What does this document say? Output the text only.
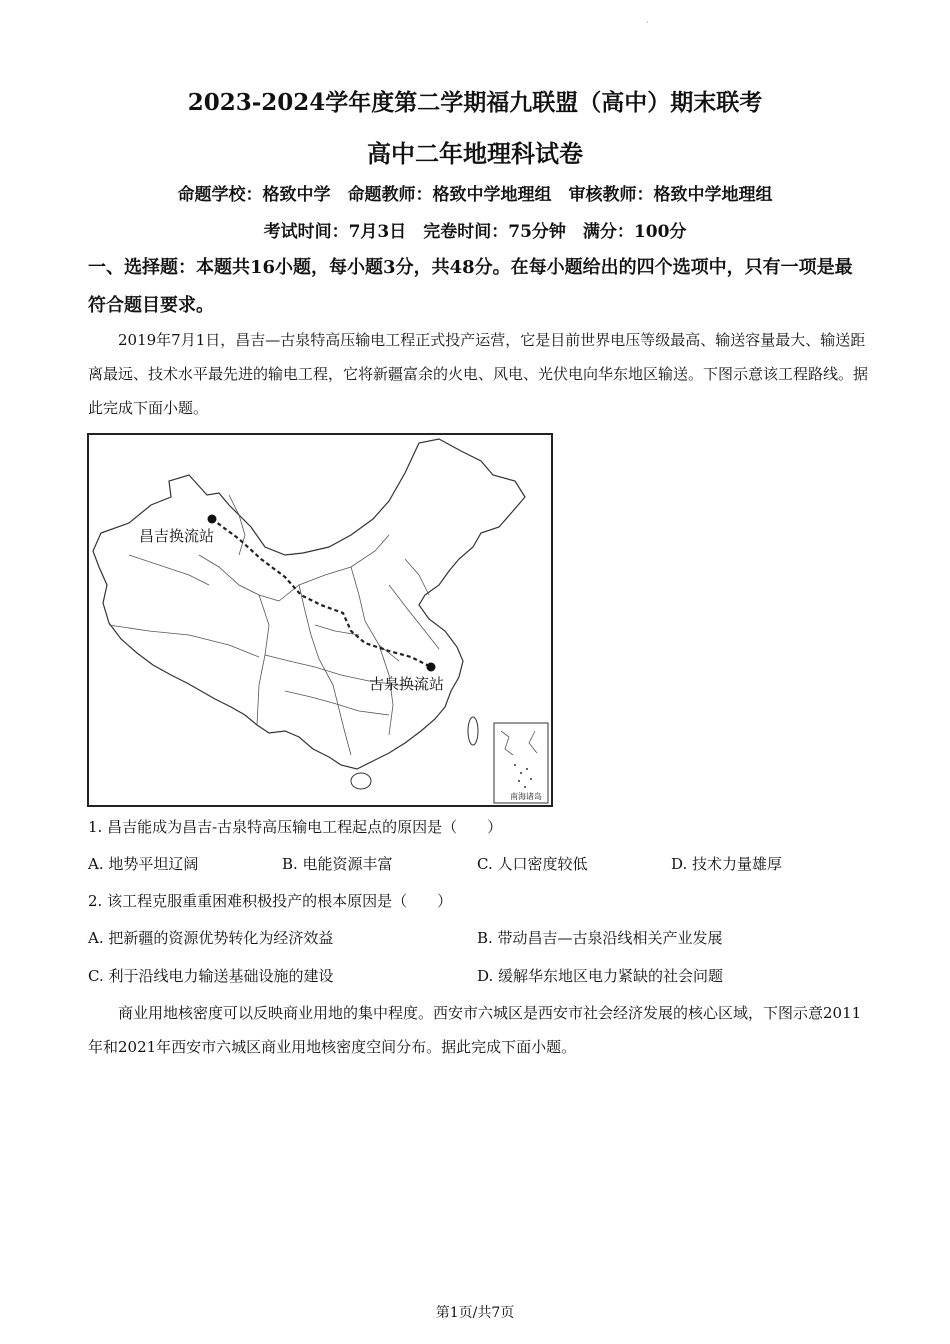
·
2023-2024学年度第二学期福九联盟（高中）期末联考
高中二年地理科试卷
命题学校：格致中学　命题教师：格致中学地理组　审核教师：格致中学地理组
考试时间：7月3日　完卷时间：75分钟　满分：100分
一、选择题：本题共16小题，每小题3分，共48分。在每小题给出的四个选项中，只有一项是最符合题目要求。
2019年7月1日，昌吉—古泉特高压输电工程正式投产运营，它是目前世界电压等级最高、输送容量最大、输送距离最远、技术水平最先进的输电工程，它将新疆富余的火电、风电、光伏电向华东地区输送。下图示意该工程路线。据此完成下面小题。
昌吉换流站
古泉换流站
南海诸岛
1. 昌吉能成为昌吉-古泉特高压输电工程起点的原因是（　　）
A. 地势平坦辽阔	B. 电能资源丰富	C. 人口密度较低	D. 技术力量雄厚
2. 该工程克服重重困难积极投产的根本原因是（　　）
A. 把新疆的资源优势转化为经济效益	B. 带动昌吉—古泉沿线相关产业发展
C. 利于沿线电力输送基础设施的建设	D. 缓解华东地区电力紧缺的社会问题
商业用地核密度可以反映商业用地的集中程度。西安市六城区是西安市社会经济发展的核心区域，下图示意2011年和2021年西安市六城区商业用地核密度空间分布。据此完成下面小题。
第1页/共7页
